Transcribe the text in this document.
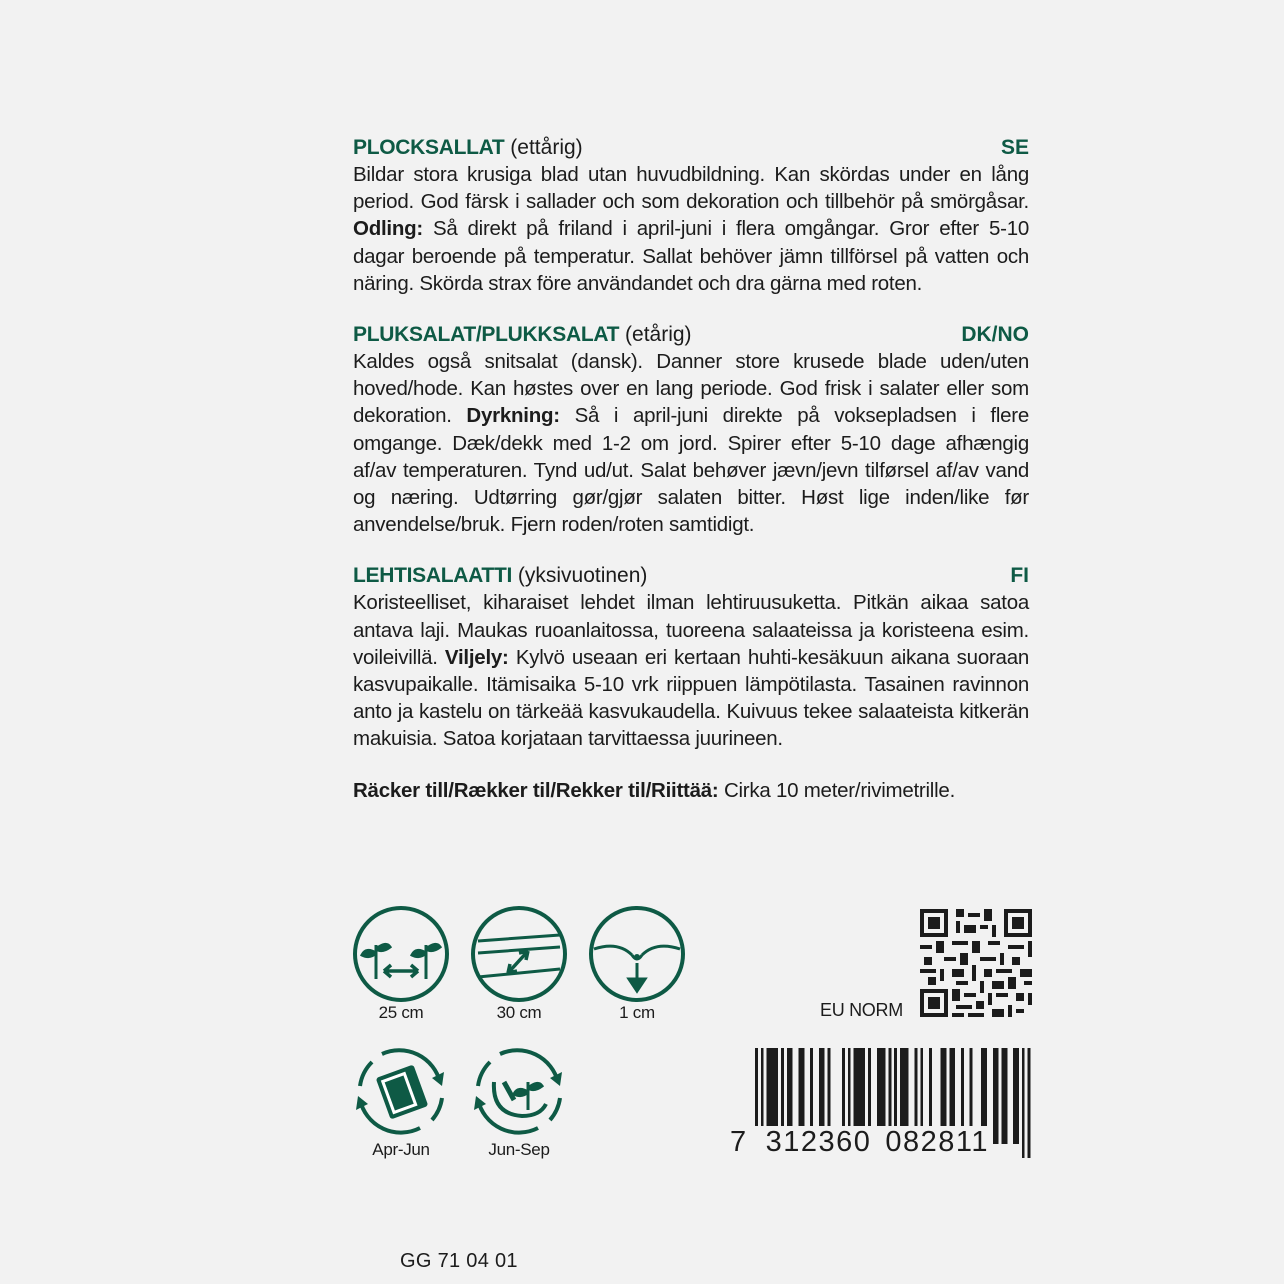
PLOCKSALLAT (ettårig)	SE
Bildar stora krusiga blad utan huvudbildning. Kan skördas under en lång period. God färsk i sallader och som dekoration och tillbehör på smörgåsar. Odling: Så direkt på friland i april-juni i flera omgångar. Gror efter 5-10 dagar beroende på temperatur. Sallat behöver jämn tillförsel på vatten och näring. Skörda strax före användandet och dra gärna med roten.
PLUKSALAT/PLUKKSALAT (etårig)	DK/NO
Kaldes også snitsalat (dansk). Danner store krusede blade uden/uten hoved/hode. Kan høstes over en lang periode. God frisk i salater eller som dekoration. Dyrkning: Så i april-juni direkte på voksepladsen i flere omgange. Dæk/dekk med 1-2 om jord. Spirer efter 5-10 dage afhængig af/av temperaturen. Tynd ud/ut. Salat behøver jævn/jevn tilførsel af/av vand og næring. Udtørring gør/gjør salaten bitter. Høst lige inden/like før anvendelse/bruk. Fjern roden/roten samtidigt.
LEHTISALAATTI (yksivuotinen)	FI
Koristeelliset, kiharaiset lehdet ilman lehtiruusuketta. Pitkän aikaa satoa antava laji. Maukas ruoanlaitossa, tuoreena salaateissa ja koristeena esim. voileivillä. Viljely: Kylvö useaan eri kertaan huhti-kesäkuun aikana suoraan kasvupaikalle. Itämisaika 5-10 vrk riippuen lämpötilasta. Tasainen ravinnon anto ja kastelu on tärkeää kasvukaudella. Kuivuus tekee salaateista kitkerän makuisia. Satoa korjataan tarvittaessa juurineen.
Räcker till/Rækker til/Rekker til/Riittää: Cirka 10 meter/rivimetrille.
25 cm	30 cm	1 cm
Apr-Jun	Jun-Sep
EU NORM
7 312360 082811
GG 71 04 01
